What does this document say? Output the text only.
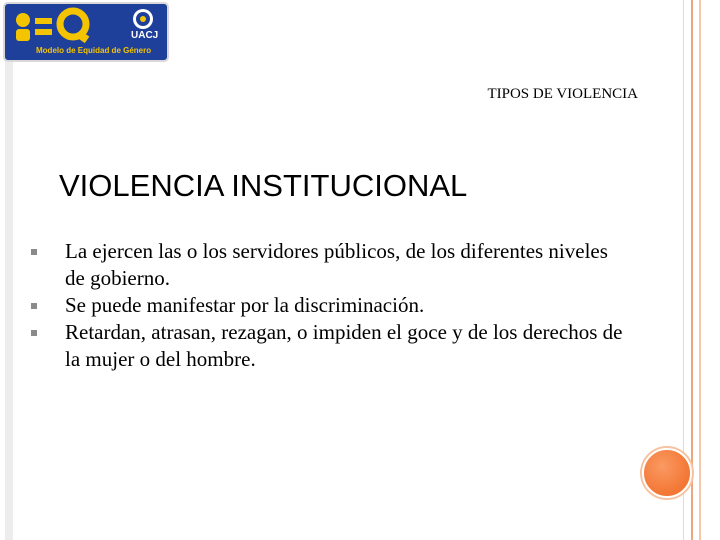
UACJ
Modelo de Equidad de Género
TIPOS DE VIOLENCIA
VIOLENCIA INSTITUCIONAL
La ejercen las o los servidores públicos, de los diferentes niveles de gobierno.
Se puede manifestar por la discriminación.
Retardan, atrasan, rezagan, o impiden el goce y de los derechos de la mujer o del hombre.
